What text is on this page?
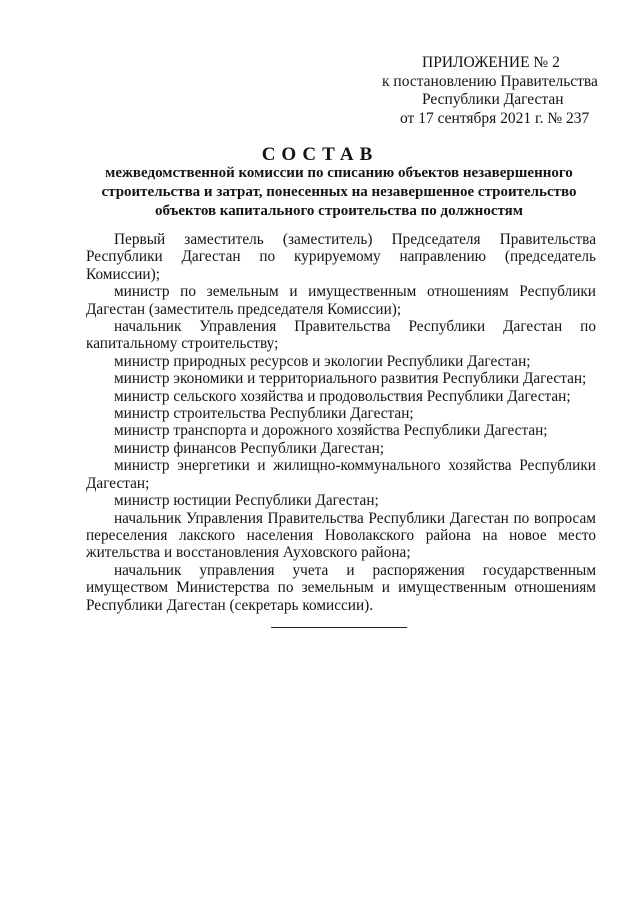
ПРИЛОЖЕНИЕ № 2
к постановлению Правительства
Республики Дагестан
от 17 сентября 2021 г. № 237
СОСТАВ
межведомственной комиссии по списанию объектов незавершенного строительства и затрат, понесенных на незавершенное строительство объектов капитального строительства по должностям

Первый заместитель (заместитель) Председателя Правительства Республики Дагестан по курируемому направлению (председатель Комиссии);

министр по земельным и имущественным отношениям Республики Дагестан (заместитель председателя Комиссии);

начальник Управления Правительства Республики Дагестан по капитальному строительству;

министр природных ресурсов и экологии Республики Дагестан;

министр экономики и территориального развития Республики Дагестан;

министр сельского хозяйства и продовольствия Республики Дагестан;

министр строительства Республики Дагестан;

министр транспорта и дорожного хозяйства Республики Дагестан;

министр финансов Республики Дагестан;

министр энергетики и жилищно-коммунального хозяйства Республики Дагестан;

министр юстиции Республики Дагестан;

начальник Управления Правительства Республики Дагестан по вопросам переселения лакского населения Новолакского района на новое место жительства и восстановления Ауховского района;

начальник управления учета и распоряжения государственным имуществом Министерства по земельным и имущественным отношениям Республики Дагестан (секретарь комиссии).
